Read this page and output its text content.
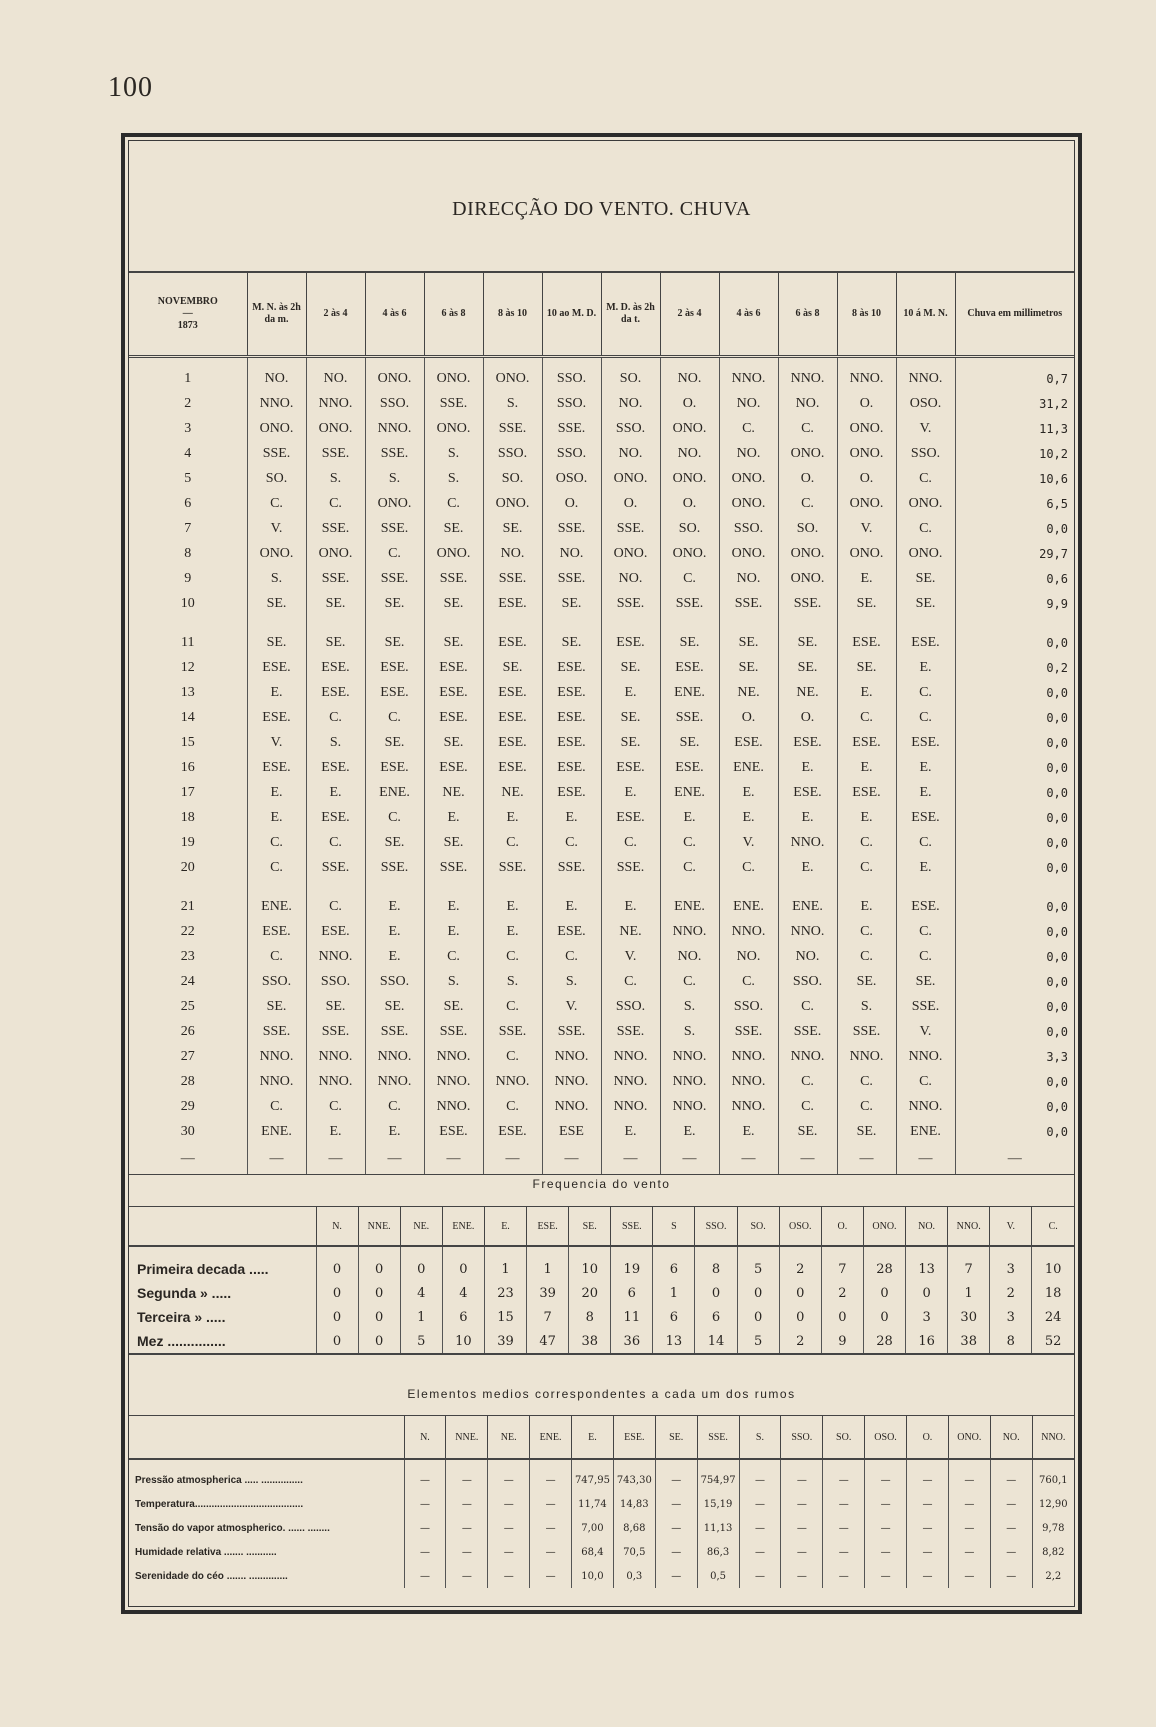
100
DIRECÇÃO DO VENTO. CHUVA
NOVEMBRO
—
1873	M. N. às 2h da m.	2 às 4	4 às 6	6 às 8	8 às 10	10 ao M. D.	M. D. às 2h da t.	2 às 4	4 às 6	6 às 8	8 às 10	10 á M. N.	Chuva em millimetros
1	NO.	NO.	ONO.	ONO.	ONO.	SSO.	SO.	NO.	NNO.	NNO.	NNO.	NNO.	0,7
2	NNO.	NNO.	SSO.	SSE.	S.	SSO.	NO.	O.	NO.	NO.	O.	OSO.	31,2
3	ONO.	ONO.	NNO.	ONO.	SSE.	SSE.	SSO.	ONO.	C.	C.	ONO.	V.	11,3
4	SSE.	SSE.	SSE.	S.	SSO.	SSO.	NO.	NO.	NO.	ONO.	ONO.	SSO.	10,2
5	SO.	S.	S.	S.	SO.	OSO.	ONO.	ONO.	ONO.	O.	O.	C.	10,6
6	C.	C.	ONO.	C.	ONO.	O.	O.	O.	ONO.	C.	ONO.	ONO.	6,5
7	V.	SSE.	SSE.	SE.	SE.	SSE.	SSE.	SO.	SSO.	SO.	V.	C.	0,0
8	ONO.	ONO.	C.	ONO.	NO.	NO.	ONO.	ONO.	ONO.	ONO.	ONO.	ONO.	29,7
9	S.	SSE.	SSE.	SSE.	SSE.	SSE.	NO.	C.	NO.	ONO.	E.	SE.	0,6
10	SE.	SE.	SE.	SE.	ESE.	SE.	SSE.	SSE.	SSE.	SSE.	SE.	SE.	9,9
11	SE.	SE.	SE.	SE.	ESE.	SE.	ESE.	SE.	SE.	SE.	ESE.	ESE.	0,0
12	ESE.	ESE.	ESE.	ESE.	SE.	ESE.	SE.	ESE.	SE.	SE.	SE.	E.	0,2
13	E.	ESE.	ESE.	ESE.	ESE.	ESE.	E.	ENE.	NE.	NE.	E.	C.	0,0
14	ESE.	C.	C.	ESE.	ESE.	ESE.	SE.	SSE.	O.	O.	C.	C.	0,0
15	V.	S.	SE.	SE.	ESE.	ESE.	SE.	SE.	ESE.	ESE.	ESE.	ESE.	0,0
16	ESE.	ESE.	ESE.	ESE.	ESE.	ESE.	ESE.	ESE.	ENE.	E.	E.	E.	0,0
17	E.	E.	ENE.	NE.	NE.	ESE.	E.	ENE.	E.	ESE.	ESE.	E.	0,0
18	E.	ESE.	C.	E.	E.	E.	ESE.	E.	E.	E.	E.	ESE.	0,0
19	C.	C.	SE.	SE.	C.	C.	C.	C.	V.	NNO.	C.	C.	0,0
20	C.	SSE.	SSE.	SSE.	SSE.	SSE.	SSE.	C.	C.	E.	C.	E.	0,0
21	ENE.	C.	E.	E.	E.	E.	E.	ENE.	ENE.	ENE.	E.	ESE.	0,0
22	ESE.	ESE.	E.	E.	E.	ESE.	NE.	NNO.	NNO.	NNO.	C.	C.	0,0
23	C.	NNO.	E.	C.	C.	C.	V.	NO.	NO.	NO.	C.	C.	0,0
24	SSO.	SSO.	SSO.	S.	S.	S.	C.	C.	C.	SSO.	SE.	SE.	0,0
25	SE.	SE.	SE.	SE.	C.	V.	SSO.	S.	SSO.	C.	S.	SSE.	0,0
26	SSE.	SSE.	SSE.	SSE.	SSE.	SSE.	SSE.	S.	SSE.	SSE.	SSE.	V.	0,0
27	NNO.	NNO.	NNO.	NNO.	C.	NNO.	NNO.	NNO.	NNO.	NNO.	NNO.	NNO.	3,3
28	NNO.	NNO.	NNO.	NNO.	NNO.	NNO.	NNO.	NNO.	NNO.	C.	C.	C.	0,0
29	C.	C.	C.	NNO.	C.	NNO.	NNO.	NNO.	NNO.	C.	C.	NNO.	0,0
30	ENE.	E.	E.	ESE.	ESE.	ESE	E.	E.	E.	SE.	SE.	ENE.	0,0
—	—	—	—	—	—	—	—	—	—	—	—	—	—
Frequencia do vento
	N.	NNE.	NE.	ENE.	E.	ESE.	SE.	SSE.	S	SSO.	SO.	OSO.	O.	ONO.	NO.	NNO.	V.	C.
Primeira decada .....	0	0	0	0	1	1	10	19	6	8	5	2	7	28	13	7	3	10
Segunda » .....	0	0	4	4	23	39	20	6	1	0	0	0	2	0	0	1	2	18
Terceira » .....	0	0	1	6	15	7	8	11	6	6	0	0	0	0	3	30	3	24
Mez ...............	0	0	5	10	39	47	38	36	13	14	5	2	9	28	16	38	8	52
Elementos medios correspondentes a cada um dos rumos
	N.	NNE.	NE.	ENE.	E.	ESE.	SE.	SSE.	S.	SSO.	SO.	OSO.	O.	ONO.	NO.	NNO.
Pressão atmospherica ..... ...............	—	—	—	—	747,95	743,30	—	754,97	—	—	—	—	—	—	—	760,1
Temperatura.......................................	—	—	—	—	11,74	14,83	—	15,19	—	—	—	—	—	—	—	12,90
Tensão do vapor atmospherico. ...... ........	—	—	—	—	7,00	8,68	—	11,13	—	—	—	—	—	—	—	9,78
Humidade relativa ....... ...........	—	—	—	—	68,4	70,5	—	86,3	—	—	—	—	—	—	—	8,82
Serenidade do céo ....... ..............	—	—	—	—	10,0	0,3	—	0,5	—	—	—	—	—	—	—	2,2
